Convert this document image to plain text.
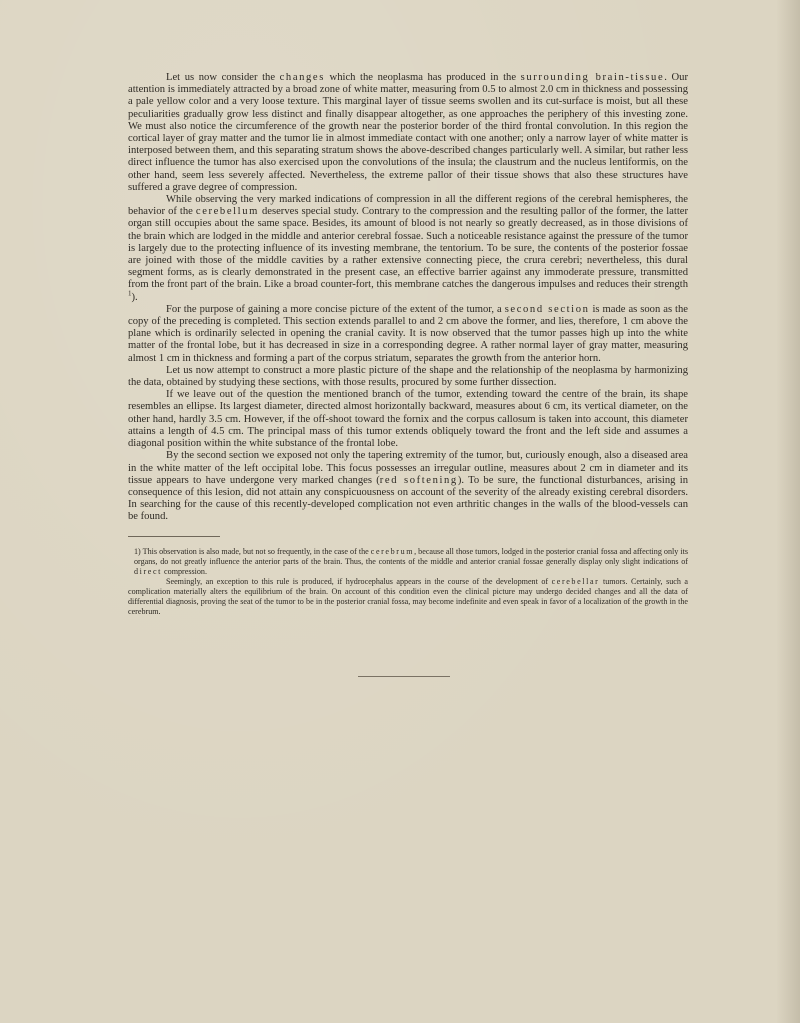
Let us now consider the changes which the neoplasma has produced in the surrounding brain-tissue. Our attention is immediately attracted by a broad zone of white matter, measuring from 0.5 to almost 2.0 cm in thickness and possessing a pale yellow color and a very loose texture. This marginal layer of tissue seems swollen and its cut-surface is moist, but all these peculiarities gradually grow less distinct and finally disappear altogether, as one approaches the periphery of this investing zone. We must also notice the circumference of the growth near the posterior border of the third frontal convolution. In this region the cortical layer of gray matter and the tumor lie in almost immediate contact with one another; only a narrow layer of white matter is interposed between them, and this separating stratum shows the above-described changes particularly well. A similar, but rather less direct influence the tumor has also exercised upon the convolutions of the insula; the claustrum and the nucleus lentiformis, on the other hand, seem less severely affected. Nevertheless, the extreme pallor of their tissue shows that also these structures have suffered a grave degree of compression.

While observing the very marked indications of compression in all the different regions of the cerebral hemispheres, the behavior of the cerebellum deserves special study. Contrary to the compression and the resulting pallor of the former, the latter organ still occupies about the same space. Besides, its amount of blood is not nearly so greatly decreased, as in those divisions of the brain which are lodged in the middle and anterior cerebral fossae. Such a noticeable resistance against the pressure of the tumor is largely due to the protecting influence of its investing membrane, the tentorium. To be sure, the contents of the posterior fossae are joined with those of the middle cavities by a rather extensive connecting piece, the crura cerebri; nevertheless, this dural segment forms, as is clearly demonstrated in the present case, an effective barrier against any immoderate pressure, transmitted from the front part of the brain. Like a broad counter-fort, this membrane catches the dangerous impulses and reduces their strength $^1$).

For the purpose of gaining a more concise picture of the extent of the tumor, a second section is made as soon as the copy of the preceding is completed. This section extends parallel to and 2 cm above the former, and lies, therefore, 1 cm above the plane which is ordinarily selected in opening the cranial cavity. It is now observed that the tumor passes high up into the white matter of the frontal lobe, but it has decreased in size in a corresponding degree. A rather normal layer of gray matter, measuring almost 1 cm in thickness and forming a part of the corpus striatum, separates the growth from the anterior horn.

Let us now attempt to construct a more plastic picture of the shape and the relationship of the neoplasma by harmonizing the data, obtained by studying these sections, with those results, procured by some further dissection.

If we leave out of the question the mentioned branch of the tumor, extending toward the centre of the brain, its shape resembles an ellipse. Its largest diameter, directed almost horizontally backward, measures about 6 cm, its vertical diameter, on the other hand, hardly 3.5 cm. However, if the off-shoot toward the fornix and the corpus callosum is taken into account, this diameter attains a length of 4.5 cm. The principal mass of this tumor extends obliquely toward the front and the left side and assumes a diagonal position within the white substance of the frontal lobe.

By the second section we exposed not only the tapering extremity of the tumor, but, curiously enough, also a diseased area in the white matter of the left occipital lobe. This focus possesses an irregular outline, measures about 2 cm in diameter and its tissue appears to have undergone very marked changes (red softening). To be sure, the functional disturbances, arising in consequence of this lesion, did not attain any conspicuousness on account of the severity of the already existing cerebral disorders. In searching for the cause of this recently-developed complication not even arthritic changes in the walls of the blood-vessels can be found.

1) This observation is also made, but not so frequently, in the case of the cerebrum, because all those tumors, lodged in the posterior cranial fossa and affecting only its organs, do not greatly influence the anterior parts of the brain. Thus, the contents of the middle and anterior cranial fossae generally display only slight indications of direct compression.

Seemingly, an exception to this rule is produced, if hydrocephalus appears in the course of the development of cerebellar tumors. Certainly, such a complication materially alters the equilibrium of the brain. On account of this condition even the clinical picture may undergo decided changes and all the data of differential diagnosis, proving the seat of the tumor to be in the posterior cranial fossa, may become indefinite and even speak in favor of a localization of the growth in the cerebrum.
